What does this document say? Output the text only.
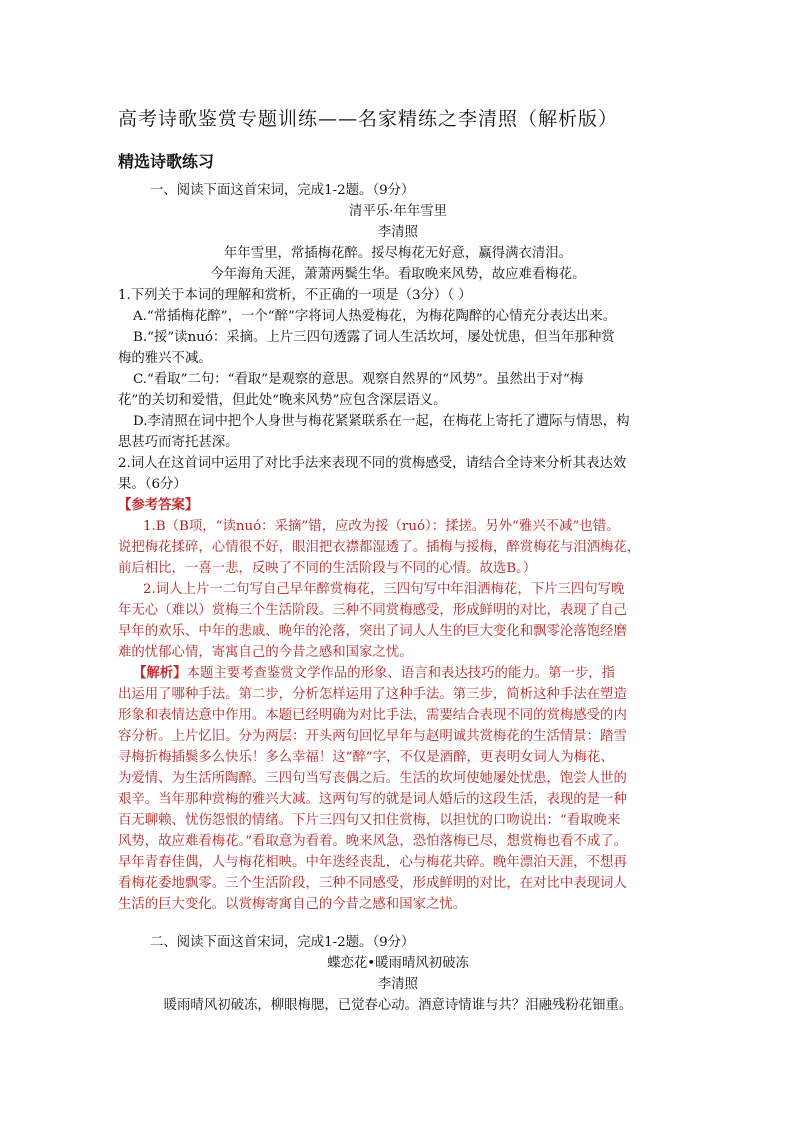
高考诗歌鉴赏专题训练——名家精练之李清照（解析版）
精选诗歌练习
一、阅读下面这首宋词，完成1-2题。（9分）
清平乐·年年雪里
李清照
年年雪里，常插梅花醉。挼尽梅花无好意，赢得满衣清泪。
今年海角天涯，萧萧两鬓生华。看取晚来风势，故应难看梅花。
1.下列关于本词的理解和赏析，不正确的一项是（3分）（ ）
A.“常插梅花醉”，一个“醉”字将词人热爱梅花，为梅花陶醉的心情充分表达出来。
B.“挼”读nuó：采摘。上片三四句透露了词人生活坎坷，屡处忧患，但当年那种赏
梅的雅兴不减。
C.“看取”二句：“看取”是观察的意思。观察自然界的“风势”。虽然出于对“梅
花”的关切和爱惜，但此处“晚来风势”应包含深层语义。
D.李清照在词中把个人身世与梅花紧紧联系在一起，在梅花上寄托了遭际与情思，构
思甚巧而寄托甚深。
2.词人在这首词中运用了对比手法来表现不同的赏梅感受，请结合全诗来分析其表达效
果。（6分）
【参考答案】
1.B（B项，“读nuó：采摘”错，应改为挼（ruó）：揉搓。另外“雅兴不减”也错。
说把梅花揉碎，心情很不好，眼泪把衣襟都湿透了。插梅与挼梅，醉赏梅花与泪洒梅花，
前后相比，一喜一悲，反映了不同的生活阶段与不同的心情。故选B。）
2.词人上片一二句写自己早年醉赏梅花，三四句写中年泪洒梅花，下片三四句写晚
年无心（难以）赏梅三个生活阶段。三种不同赏梅感受，形成鲜明的对比，表现了自己
早年的欢乐、中年的悲戚、晚年的沦落，突出了词人人生的巨大变化和飘零沦落饱经磨
难的忧郁心情，寄寓自己的今昔之感和国家之忧。
【解析】本题主要考查鉴赏文学作品的形象、语言和表达技巧的能力。第一步，指
出运用了哪种手法。第二步，分析怎样运用了这种手法。第三步，简析这种手法在塑造
形象和表情达意中作用。本题已经明确为对比手法，需要结合表现不同的赏梅感受的内
容分析。上片忆旧。分为两层：开头两句回忆早年与赵明诚共赏梅花的生活情景：踏雪
寻梅折梅插鬓多么快乐！多么幸福！这“醉”字，不仅是酒醉，更表明女词人为梅花、
为爱情、为生活所陶醉。三四句当写丧偶之后。生活的坎坷使她屡处忧患，饱尝人世的
艰辛。当年那种赏梅的雅兴大减。这两句写的就是词人婚后的这段生活，表现的是一种
百无聊赖、忧伤怨恨的情绪。下片三四句又扣住赏梅，以担忧的口吻说出：“看取晚来
风势，故应难看梅花。”看取意为看着。晚来风急，恐怕落梅已尽，想赏梅也看不成了。
早年青春佳偶，人与梅花相映。中年迭经丧乱，心与梅花共碎。晚年漂泊天涯，不想再
看梅花委地飘零。三个生活阶段，三种不同感受，形成鲜明的对比，在对比中表现词人
生活的巨大变化。以赏梅寄寓自己的今昔之感和国家之忧。
二、阅读下面这首宋词，完成1-2题。（9分）
蝶恋花•暖雨晴风初破冻
李清照
暖雨晴风初破冻，柳眼梅腮，已觉春心动。酒意诗情谁与共？泪融残粉花钿重。
